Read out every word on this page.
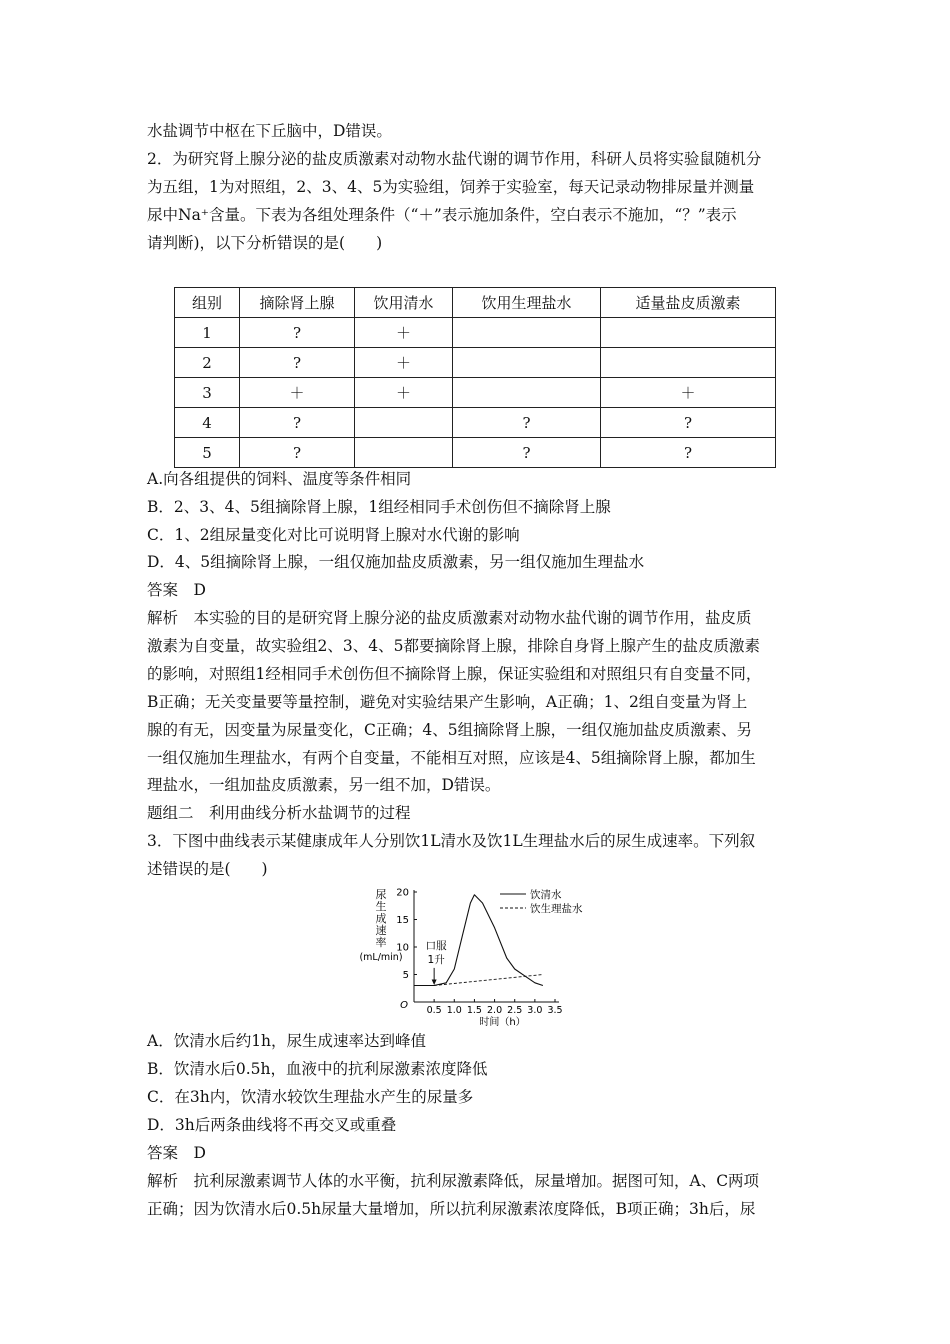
水盐调节中枢在下丘脑中，D错误。
2．为研究肾上腺分泌的盐皮质激素对动物水盐代谢的调节作用，科研人员将实验鼠随机分
为五组，1为对照组，2、3、4、5为实验组，饲养于实验室，每天记录动物排尿量并测量
尿中Na⁺含量。下表为各组处理条件（“＋”表示施加条件，空白表示不施加，“？”表示
请判断)，以下分析错误的是(　　)
组别	摘除肾上腺	饮用清水	饮用生理盐水	适量盐皮质激素
1	?	＋		
2	?	＋		
3	＋	＋		＋
4	?		?	?
5	?		?	?
A.向各组提供的饲料、温度等条件相同
B．2、3、4、5组摘除肾上腺，1组经相同手术创伤但不摘除肾上腺
C．1、2组尿量变化对比可说明肾上腺对水代谢的影响
D．4、5组摘除肾上腺，一组仅施加盐皮质激素，另一组仅施加生理盐水
答案　D
解析　本实验的目的是研究肾上腺分泌的盐皮质激素对动物水盐代谢的调节作用，盐皮质
激素为自变量，故实验组2、3、4、5都要摘除肾上腺，排除自身肾上腺产生的盐皮质激素
的影响，对照组1经相同手术创伤但不摘除肾上腺，保证实验组和对照组只有自变量不同，
B正确；无关变量要等量控制，避免对实验结果产生影响，A正确；1、2组自变量为肾上
腺的有无，因变量为尿量变化，C正确；4、5组摘除肾上腺，一组仅施加盐皮质激素、另
一组仅施加生理盐水，有两个自变量，不能相互对照，应该是4、5组摘除肾上腺，都加生
理盐水，一组加盐皮质激素，另一组不加，D错误。
题组二　利用曲线分析水盐调节的过程
3．下图中曲线表示某健康成年人分别饮1L清水及饮1L生理盐水后的尿生成速率。下列叙
述错误的是(　　)
O
5
10
15
20
0.5 1.0 1.5 2.0 2.5 3.0 3.5
时间（h）
尿
生
成
速
率
(mL/min)
口服
1升
饮清水
饮生理盐水
A．饮清水后约1h，尿生成速率达到峰值
B．饮清水后0.5h，血液中的抗利尿激素浓度降低
C．在3h内，饮清水较饮生理盐水产生的尿量多
D．3h后两条曲线将不再交叉或重叠
答案　D
解析　抗利尿激素调节人体的水平衡，抗利尿激素降低，尿量增加。据图可知，A、C两项
正确；因为饮清水后0.5h尿量大量增加，所以抗利尿激素浓度降低，B项正确；3h后，尿
